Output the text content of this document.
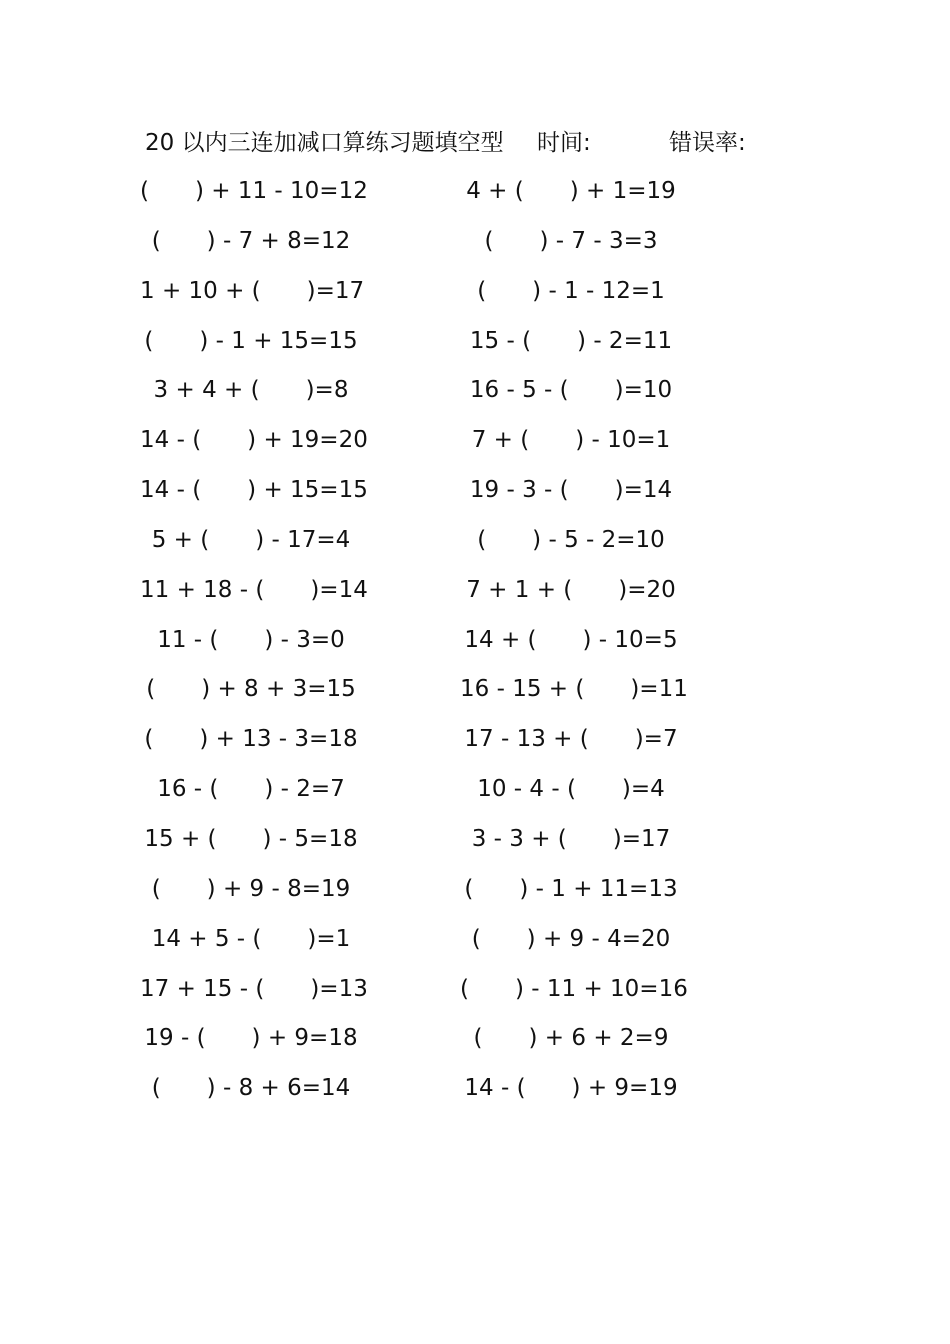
20 以内三连加减口算练习题填空型 时间:	错误率:
(　　) + 11 - 10=12
(　　) - 7 + 8=12
1 + 10 + (　　)=17
(　　) - 1 + 15=15
3 + 4 + (　　)=8
14 - (　　) + 19=20
14 - (　　) + 15=15
5 + (　　) - 17=4
11 + 18 - (　　)=14
11 - (　　) - 3=0
(　　) + 8 + 3=15
(　　) + 13 - 3=18
16 - (　　) - 2=7
15 + (　　) - 5=18
(　　) + 9 - 8=19
14 + 5 - (　　)=1
17 + 15 - (　　)=13
19 - (　　) + 9=18
(　　) - 8 + 6=14
4 + (　　) + 1=19
(　　) - 7 - 3=3
(　　) - 1 - 12=1
15 - (　　) - 2=11
16 - 5 - (　　)=10
7 + (　　) - 10=1
19 - 3 - (　　)=14
(　　) - 5 - 2=10
7 + 1 + (　　)=20
14 + (　　) - 10=5
16 - 15 + (　　)=11
17 - 13 + (　　)=7
10 - 4 - (　　)=4
3 - 3 + (　　)=17
(　　) - 1 + 11=13
(　　) + 9 - 4=20
(　　) - 11 + 10=16
(　　) + 6 + 2=9
14 - (　　) + 9=19
